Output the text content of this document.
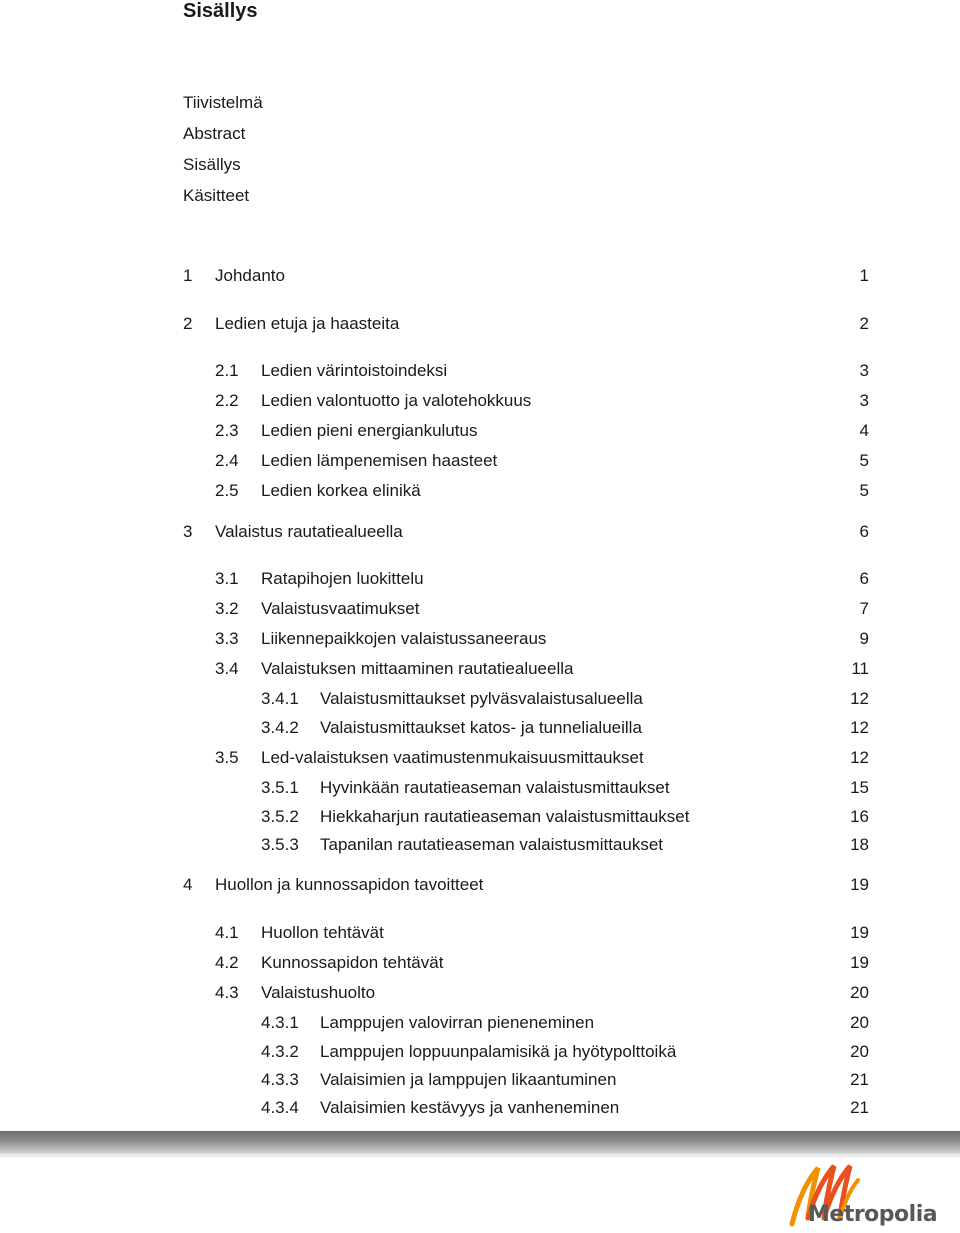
Sisällys
Tiivistelmä
Abstract
Sisällys
Käsitteet
1 Johdanto	1
2 Ledien etuja ja haasteita	2
2.1 Ledien värintoistoindeksi	3
2.2 Ledien valontuotto ja valotehokkuus	3
2.3 Ledien pieni energiankulutus	4
2.4 Ledien lämpenemisen haasteet	5
2.5 Ledien korkea elinikä	5
3 Valaistus rautatiealueella	6
3.1 Ratapihojen luokittelu	6
3.2 Valaistusvaatimukset	7
3.3 Liikennepaikkojen valaistussaneeraus	9
3.4 Valaistuksen mittaaminen rautatiealueella	11
3.4.1 Valaistusmittaukset pylväsvalaistusalueella	12
3.4.2 Valaistusmittaukset katos- ja tunnelialueilla	12
3.5 Led-valaistuksen vaatimustenmukaisuusmittaukset	12
3.5.1 Hyvinkään rautatieaseman valaistusmittaukset	15
3.5.2 Hiekkaharjun rautatieaseman valaistusmittaukset	16
3.5.3 Tapanilan rautatieaseman valaistusmittaukset	18
4 Huollon ja kunnossapidon tavoitteet	19
4.1 Huollon tehtävät	19
4.2 Kunnossapidon tehtävät	19
4.3 Valaistushuolto	20
4.3.1 Lamppujen valovirran pieneneminen	20
4.3.2 Lamppujen loppuunpalamisikä ja hyötypolttoikä	20
4.3.3 Valaisimien ja lamppujen likaantuminen	21
4.3.4 Valaisimien kestävyys ja vanheneminen	21
Metropolia
